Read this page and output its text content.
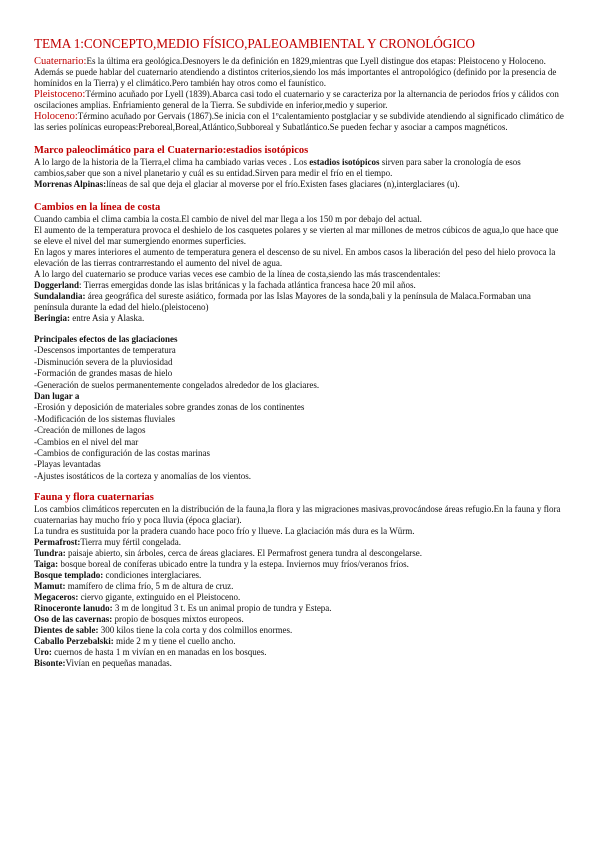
TEMA 1:CONCEPTO,MEDIO FÍSICO,PALEOAMBIENTAL Y CRONOLÓGICO

Cuaternario:Es la última era geológica.Desnoyers le da definición en 1829,mientras que Lyell distingue dos etapas: Pleistoceno y Holoceno. Además se puede hablar del cuaternario atendiendo a distintos criterios,siendo los más importantes el antropológico (definido por la presencia de homínidos en la Tierra) y el climático.Pero también hay otros como el faunístico.

Pleistoceno:Término acuñado por Lyell (1839).Abarca casi todo el cuaternario y se caracteriza por la alternancia de periodos fríos y cálidos con oscilaciones amplias. Enfriamiento general de la Tierra. Se subdivide en inferior,medio y superior.

Holoceno:Término acuñado por Gervais (1867).Se inicia con el 1ºcalentamiento postglaciar y se subdivide atendiendo al significado climático de las series polínicas europeas:Preboreal,Boreal,Atlántico,Subboreal y Subatlántico.Se pueden fechar y asociar a campos magnéticos.

Marco paleoclimático para el Cuaternario:estadios isotópicos

A lo largo de la historia de la Tierra,el clima ha cambiado varias veces . Los estadios isotópicos sirven para saber la cronología de esos cambios,saber que son a nivel planetario y cuál es su entidad.Sirven para medir el frío en el tiempo.

Morrenas Alpinas:líneas de sal que deja el glaciar al moverse por el frío.Existen fases glaciares (n),interglaciares (u).

Cambios en la línea de costa

Cuando cambia el clima cambia la costa.El cambio de nivel del mar llega a los 150 m por debajo del actual.

El aumento de la temperatura provoca el deshielo de los casquetes polares y se vierten al mar millones de metros cúbicos de agua,lo que hace que se eleve el nivel del mar sumergiendo enormes superficies.

En lagos y mares interiores el aumento de temperatura genera el descenso de su nivel. En ambos casos la liberación del peso del hielo provoca la elevación de las tierras contrarrestando el aumento del nivel de agua.

A lo largo del cuaternario se produce varias veces ese cambio de la línea de costa,siendo las más trascendentales:

Doggerland: Tierras emergidas donde las islas británicas y la fachada atlántica francesa hace 20 mil años.

Sundalandia: área geográfica del sureste asiático, formada por las Islas Mayores de la sonda,bali y la península de Malaca.Formaban una península durante la edad del hielo.(pleistoceno)

Beringia: entre Asia y Alaska.

Principales efectos de las glaciaciones

-Descensos importantes de temperatura

-Disminución severa de la pluviosidad

-Formación de grandes masas de hielo

-Generación de suelos permanentemente congelados alrededor de los glaciares.

Dan lugar a

-Erosión y deposición de materiales sobre grandes zonas de los continentes

-Modificación de los sistemas fluviales

-Creación de millones de lagos

-Cambios en el nivel del mar

-Cambios de configuración de las costas marinas

-Playas levantadas

-Ajustes isostáticos de la corteza y anomalías de los vientos.

Fauna y flora cuaternarias

Los cambios climáticos repercuten en la distribución de la fauna,la flora y las migraciones masivas,provocándose áreas refugio.En la fauna y flora cuaternarias hay mucho frío y poca lluvia (época glaciar).

La tundra es sustituida por la pradera cuando hace poco frío y llueve. La glaciación más dura es la Würm.

Permafrost:Tierra muy fértil congelada.

Tundra: paisaje abierto, sin árboles, cerca de áreas glaciares. El Permafrost genera tundra al descongelarse.

Taiga: bosque boreal de coníferas ubicado entre la tundra y la estepa. Inviernos muy fríos/veranos fríos.

Bosque templado: condiciones interglaciares.

Mamut: mamífero de clima frío, 5 m de altura de cruz.

Megaceros: ciervo gigante, extinguido en el Pleistoceno.

Rinoceronte lanudo: 3 m de longitud 3 t. Es un animal propio de tundra y Estepa.

Oso de las cavernas: propio de bosques mixtos europeos.

Dientes de sable: 300 kilos tiene la cola corta y dos colmillos enormes.

Caballo Perzebalski: mide 2 m y tiene el cuello ancho.

Uro: cuernos de hasta 1 m vivían en en manadas en los bosques.

Bisonte:Vivían en pequeñas manadas.
